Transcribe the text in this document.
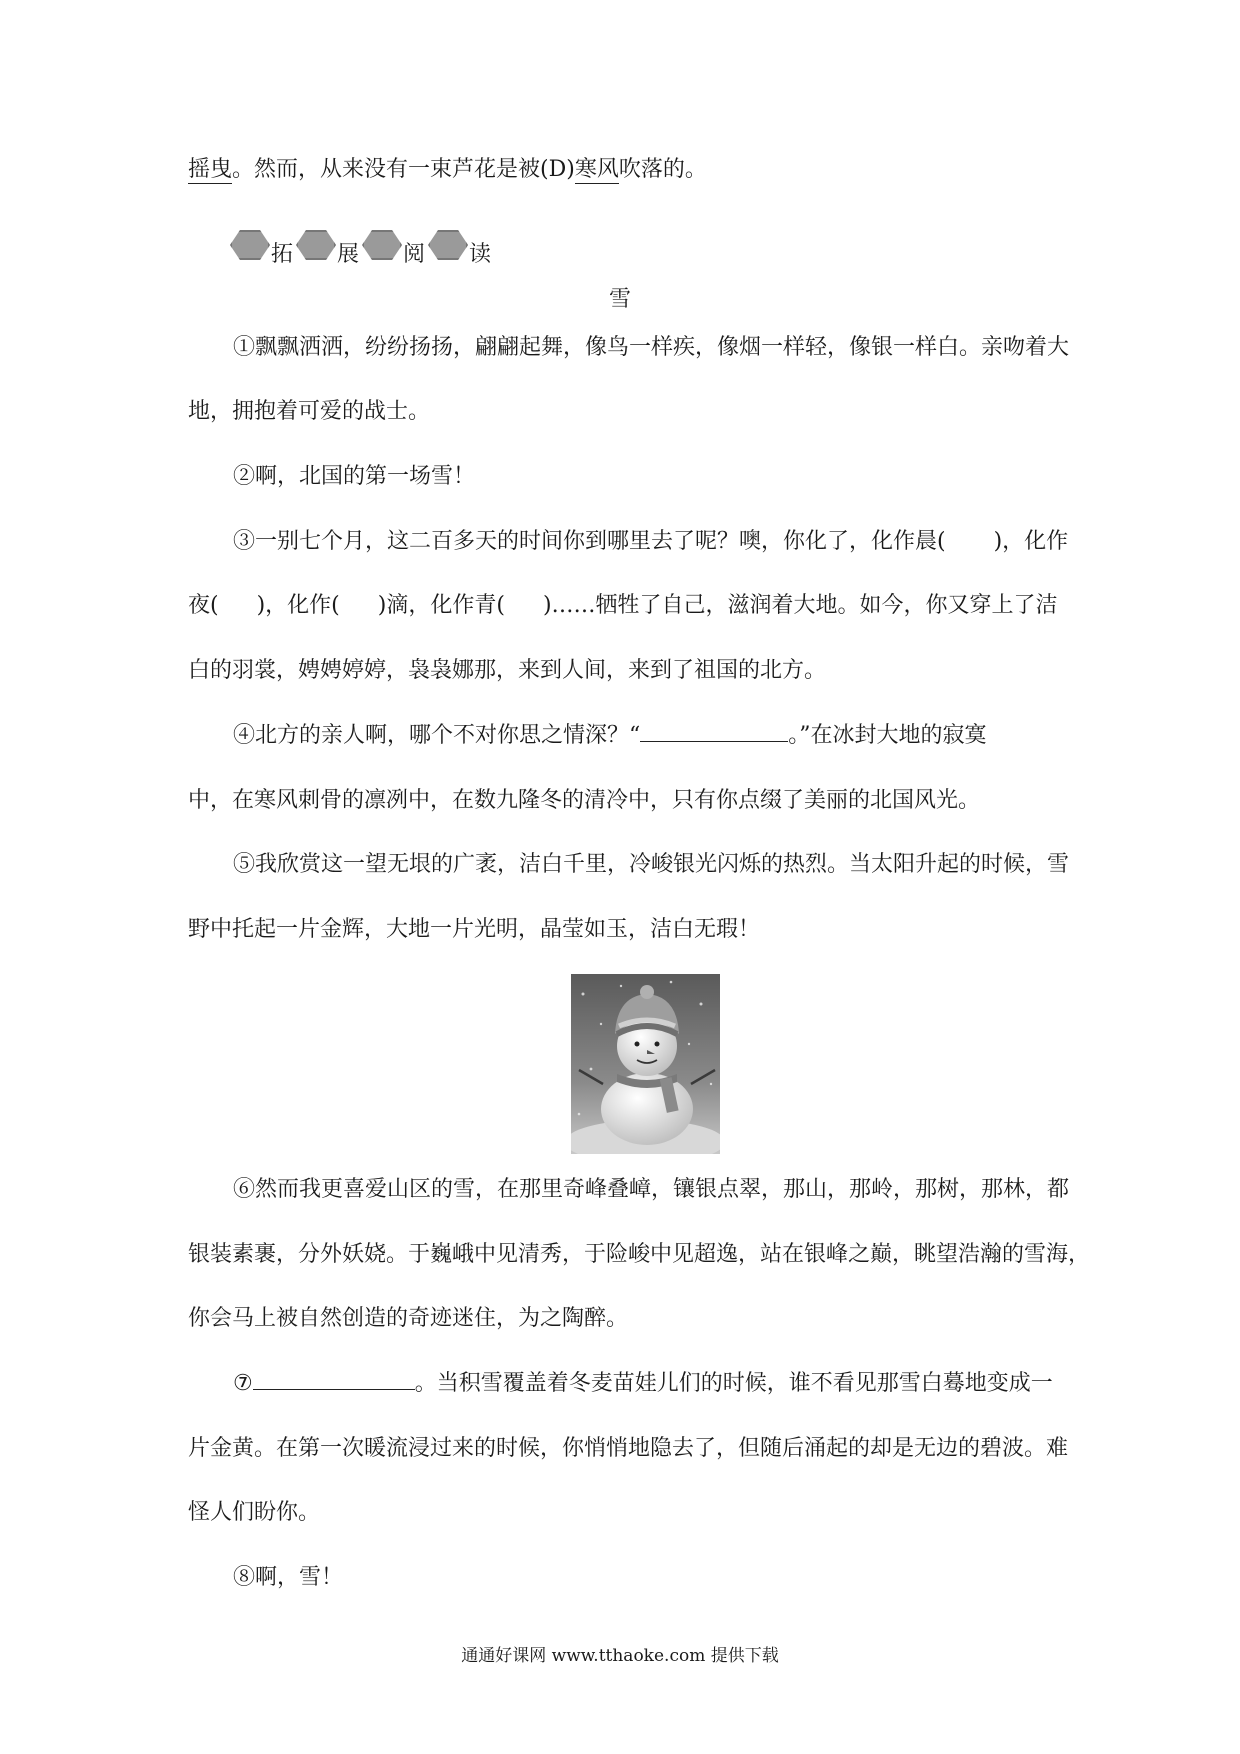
摇曳。然而，从来没有一束芦花是被(D)寒风吹落的。
拓 展 阅 读
雪
①飘飘洒洒，纷纷扬扬，翩翩起舞，像鸟一样疾，像烟一样轻，像银一样白。亲吻着大
地，拥抱着可爱的战士。
②啊，北国的第一场雪！
③一别七个月，这二百多天的时间你到哪里去了呢？噢，你化了，化作晨( )，化作
夜( )，化作( )滴，化作青( )……牺牲了自己，滋润着大地。如今，你又穿上了洁
白的羽裳，娉娉婷婷，袅袅娜那，来到人间，来到了祖国的北方。
④北方的亲人啊，哪个不对你思之情深？“	。”在冰封大地的寂寞
中，在寒风刺骨的凛冽中，在数九隆冬的清冷中，只有你点缀了美丽的北国风光。
⑤我欣赏这一望无垠的广袤，洁白千里，冷峻银光闪烁的热烈。当太阳升起的时候，雪
野中托起一片金辉，大地一片光明，晶莹如玉，洁白无瑕！
⑥然而我更喜爱山区的雪，在那里奇峰叠嶂，镶银点翠，那山，那岭，那树，那林，都
银装素裹，分外妖娆。于巍峨中见清秀，于险峻中见超逸，站在银峰之巅，眺望浩瀚的雪海，
你会马上被自然创造的奇迹迷住，为之陶醉。
⑦	。当积雪覆盖着冬麦苗娃儿们的时候，谁不看见那雪白蓦地变成一
片金黄。在第一次暖流浸过来的时候，你悄悄地隐去了，但随后涌起的却是无边的碧波。难
怪人们盼你。
⑧啊，雪！
通通好课网 www.tthaoke.com 提供下载
